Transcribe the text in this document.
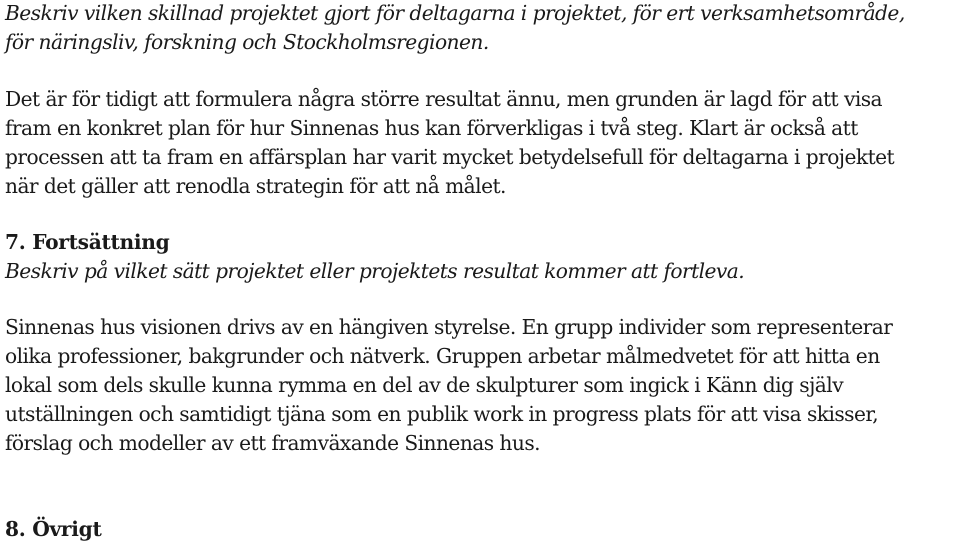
Beskriv vilken skillnad projektet gjort för deltagarna i projektet, för ert verksamhetsområde,
för näringsliv, forskning och Stockholmsregionen.
Det är för tidigt att formulera några större resultat ännu, men grunden är lagd för att visa
fram en konkret plan för hur Sinnenas hus kan förverkligas i två steg. Klart är också att
processen att ta fram en affärsplan har varit mycket betydelsefull för deltagarna i projektet
när det gäller att renodla strategin för att nå målet.
7. Fortsättning
Beskriv på vilket sätt projektet eller projektets resultat kommer att fortleva.
Sinnenas hus visionen drivs av en hängiven styrelse. En grupp individer som representerar
olika professioner, bakgrunder och nätverk. Gruppen arbetar målmedvetet för att hitta en
lokal som dels skulle kunna rymma en del av de skulpturer som ingick i Känn dig själv
utställningen och samtidigt tjäna som en publik work in progress plats för att visa skisser,
förslag och modeller av ett framväxande Sinnenas hus.
8. Övrigt
